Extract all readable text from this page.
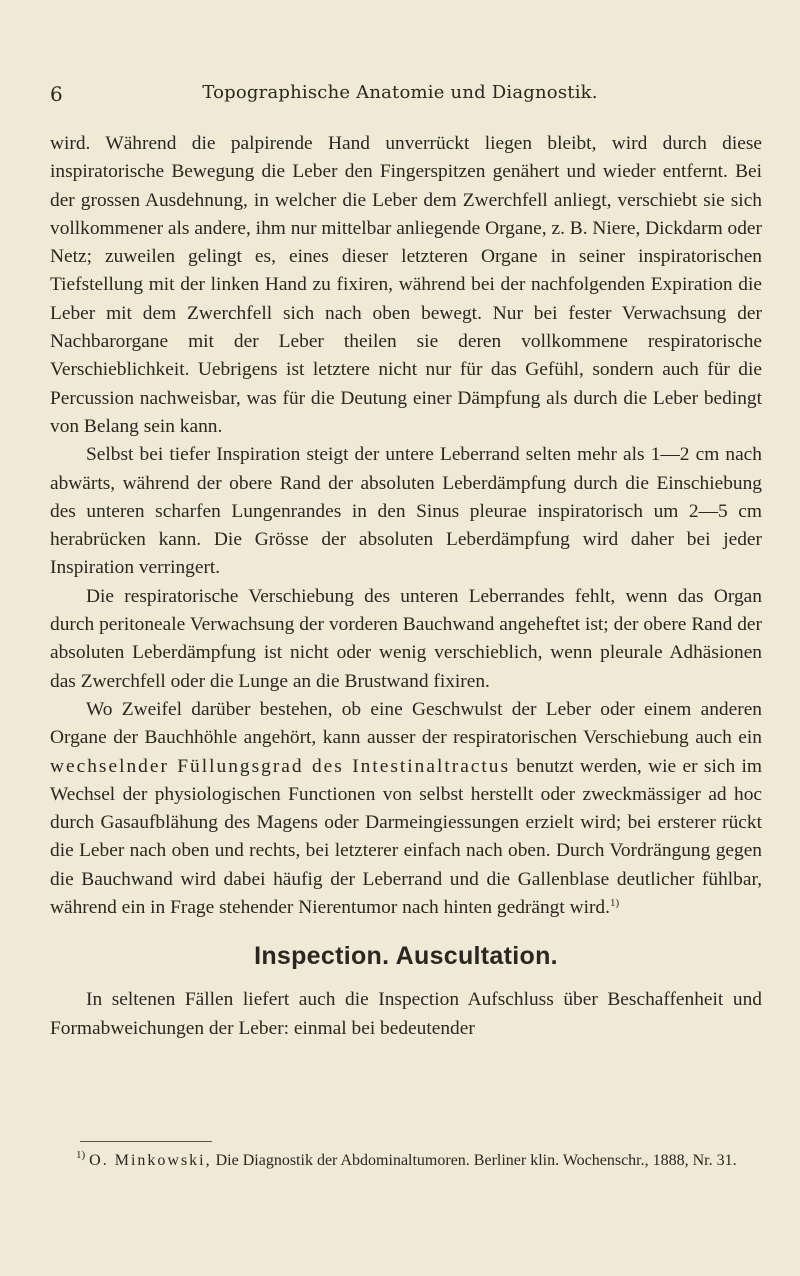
6	Topographische Anatomie und Diagnostik.

wird. Während die palpirende Hand unverrückt liegen bleibt, wird durch diese inspiratorische Bewegung die Leber den Fingerspitzen genähert und wieder entfernt. Bei der grossen Ausdehnung, in welcher die Leber dem Zwerchfell anliegt, verschiebt sie sich vollkommener als andere, ihm nur mittelbar anliegende Organe, z. B. Niere, Dickdarm oder Netz; zuweilen gelingt es, eines dieser letzteren Organe in seiner inspiratorischen Tiefstellung mit der linken Hand zu fixiren, während bei der nachfolgenden Expiration die Leber mit dem Zwerchfell sich nach oben bewegt. Nur bei fester Verwachsung der Nachbarorgane mit der Leber theilen sie deren vollkommene respiratorische Verschieblichkeit. Uebrigens ist letztere nicht nur für das Gefühl, sondern auch für die Percussion nachweisbar, was für die Deutung einer Dämpfung als durch die Leber bedingt von Belang sein kann.

Selbst bei tiefer Inspiration steigt der untere Leberrand selten mehr als 1—2 cm nach abwärts, während der obere Rand der absoluten Leberdämpfung durch die Einschiebung des unteren scharfen Lungenrandes in den Sinus pleurae inspiratorisch um 2—5 cm herabrücken kann. Die Grösse der absoluten Leberdämpfung wird daher bei jeder Inspiration verringert.

Die respiratorische Verschiebung des unteren Leberrandes fehlt, wenn das Organ durch peritoneale Verwachsung der vorderen Bauchwand angeheftet ist; der obere Rand der absoluten Leberdämpfung ist nicht oder wenig verschieblich, wenn pleurale Adhäsionen das Zwerchfell oder die Lunge an die Brustwand fixiren.

Wo Zweifel darüber bestehen, ob eine Geschwulst der Leber oder einem anderen Organe der Bauchhöhle angehört, kann ausser der respiratorischen Verschiebung auch ein wechselnder Füllungsgrad des Intestinaltractus benutzt werden, wie er sich im Wechsel der physiologischen Functionen von selbst herstellt oder zweckmässiger ad hoc durch Gasaufblähung des Magens oder Darmeingiessungen erzielt wird; bei ersterer rückt die Leber nach oben und rechts, bei letzterer einfach nach oben. Durch Vordrängung gegen die Bauchwand wird dabei häufig der Leberrand und die Gallenblase deutlicher fühlbar, während ein in Frage stehender Nierentumor nach hinten gedrängt wird.$^{1)}$

Inspection. Auscultation.

In seltenen Fällen liefert auch die Inspection Aufschluss über Beschaffenheit und Formabweichungen der Leber: einmal bei bedeutender

$^{1)}$ O. Minkowski, Die Diagnostik der Abdominaltumoren. Berliner klin. Wochenschr., 1888, Nr. 31.
